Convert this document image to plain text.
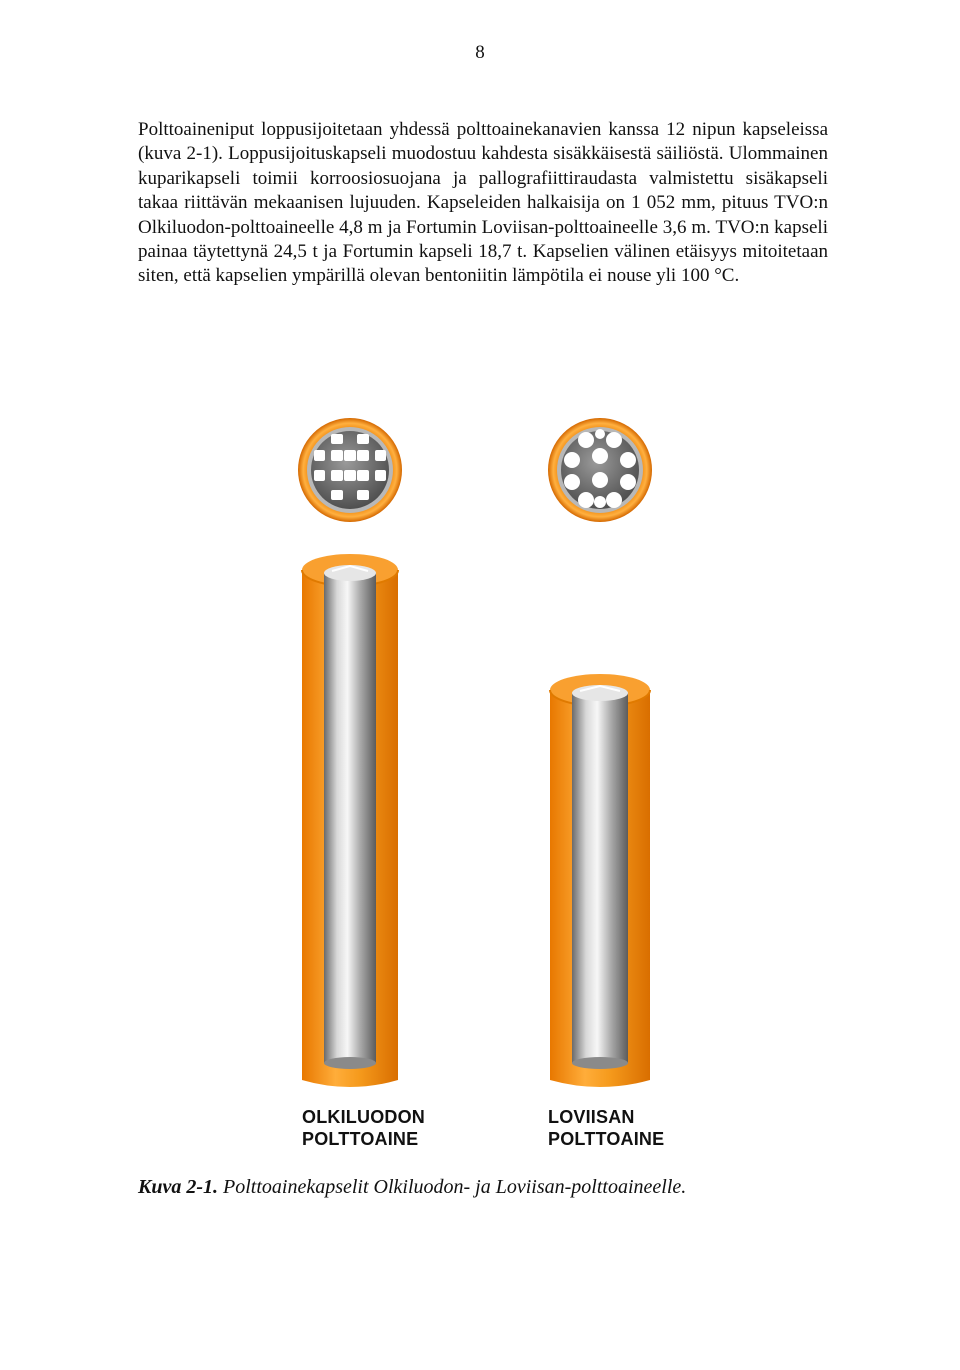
8

Polttoaineniput loppusijoitetaan yhdessä polttoainekanavien kanssa 12 nipun kapseleissa (kuva 2-1). Loppusijoituskapseli muodostuu kahdesta sisäkkäisestä säiliöstä. Ulommainen kuparikapseli toimii korroosiosuojana ja pallografiittiraudasta valmistettu sisäkapseli takaa riittävän mekaanisen lujuuden. Kapseleiden halkaisija on 1 052 mm, pituus TVO:n Olkiluodon-polttoaineelle 4,8 m ja Fortumin Loviisan-polttoaineelle 3,6 m. TVO:n kapseli painaa täytettynä 24,5 t ja Fortumin kapseli 18,7 t. Kapselien välinen etäisyys mitoitetaan siten, että kapselien ympärillä olevan bentoniitin lämpötila ei nouse yli 100 °C.

OLKILUODON
POLTTOAINE
LOVIISAN
POLTTOAINE
Kuva 2-1. Polttoainekapselit Olkiluodon- ja Loviisan-polttoaineelle.
